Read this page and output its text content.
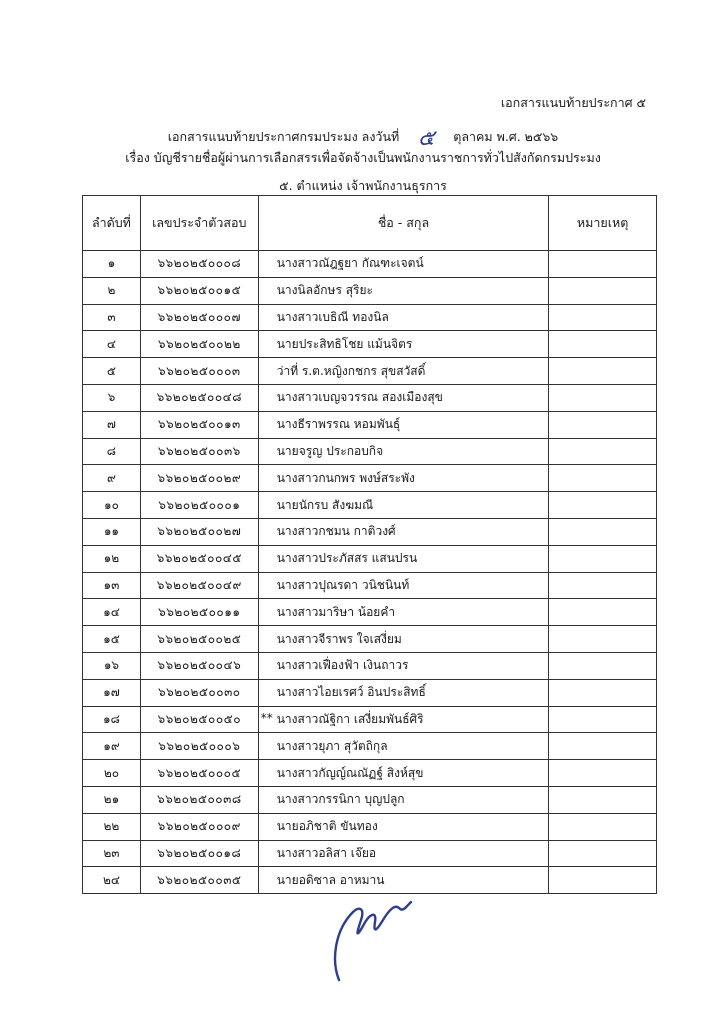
เอกสารแนบท้ายประกาศ ๕
เอกสารแนบท้ายประกาศกรมประมง ลงวันที่ ๕ ตุลาคม พ.ศ. ๒๕๖๖
เรื่อง บัญชีรายชื่อผู้ผ่านการเลือกสรรเพื่อจัดจ้างเป็นพนักงานราชการทั่วไปสังกัดกรมประมง
๕. ตำแหน่ง เจ้าพนักงานธุรการ
ลำดับที่	เลขประจำตัวสอบ	ชื่อ - สกุล	หมายเหตุ
๑	๖๖๒๐๒๕๐๐๐๘	นางสาวณัฎฐยา กัณฑะเจตน์	
๒	๖๖๒๐๒๕๐๐๑๕	นางนิลอักษร สุริยะ	
๓	๖๖๒๐๒๕๐๐๐๗	นางสาวเบธิณี ทองนิล	
๔	๖๖๒๐๒๕๐๐๒๒	นายประสิทธิโชย แม้นจิตร	
๕	๖๖๒๐๒๕๐๐๐๓	ว่าที่ ร.ต.หญิงกชกร สุขสวัสดิ์	
๖	๖๖๒๐๒๕๐๐๔๘	นางสาวเบญจวรรณ สองเมืองสุข	
๗	๖๖๒๐๒๕๐๐๑๓	นางธีราพรรณ หอมพันธุ์	
๘	๖๖๒๐๒๕๐๐๓๖	นายจรูญ ประกอบกิจ	
๙	๖๖๒๐๒๕๐๐๒๙	นางสาวกนกพร พงษ์สระพัง	
๑๐	๖๖๒๐๒๕๐๐๐๑	นายนักรบ สังฆมณี	
๑๑	๖๖๒๐๒๕๐๐๒๗	นางสาวกชมน กาติวงศ์	
๑๒	๖๖๒๐๒๕๐๐๔๕	นางสาวประภัสสร แสนปรน	
๑๓	๖๖๒๐๒๕๐๐๔๙	นางสาวปุณรดา วนิชนินท์	
๑๔	๖๖๒๐๒๕๐๐๑๑	นางสาวมาริษา น้อยคำ	
๑๕	๖๖๒๐๒๕๐๐๒๕	นางสาวจีราพร ใจเสงี่ยม	
๑๖	๖๖๒๐๒๕๐๐๔๖	นางสาวเฟื่องฟ้า เงินถาวร	
๑๗	๖๖๒๐๒๕๐๐๓๐	นางสาวไอยเรศว์ อินประสิทธิ์	
๑๘	๖๖๒๐๒๕๐๐๕๐	** นางสาวณัฐิกา เสงี่ยมพันธ์ศิริ	
๑๙	๖๖๒๐๒๕๐๐๐๖	นางสาวยุภา สุวัตถิกุล	
๒๐	๖๖๒๐๒๕๐๐๐๕	นางสาวกัญญ์ณณัฏฐ์ สิงห์สุข	
๒๑	๖๖๒๐๒๕๐๐๓๘	นางสาวกรรนิกา บุญปลูก	
๒๒	๖๖๒๐๒๕๐๐๐๙	นายอภิชาติ ขันทอง	
๒๓	๖๖๒๐๒๕๐๐๑๘	นางสาวอลิสา เจ๊ยอ	
๒๔	๖๖๒๐๒๕๐๐๓๕	นายอดิซาล อาหมาน	
